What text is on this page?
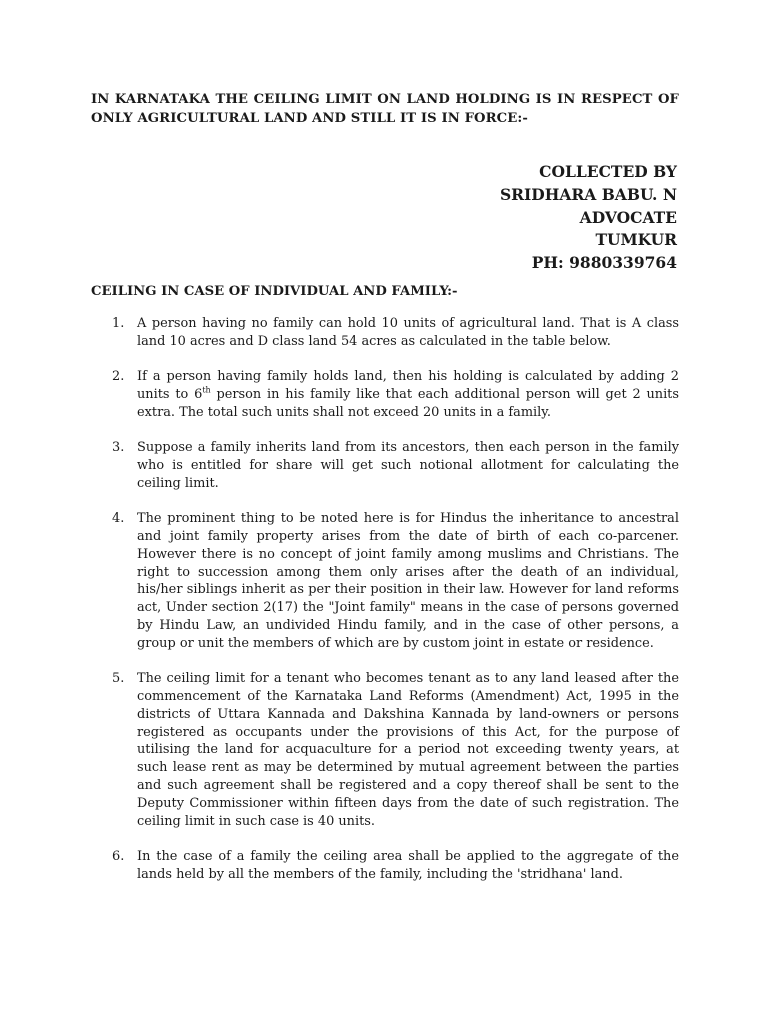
IN KARNATAKA THE CEILING LIMIT ON LAND HOLDING IS IN RESPECT OF ONLY AGRICULTURAL LAND AND STILL IT IS IN FORCE:-
COLLECTED BY
SRIDHARA BABU. N
ADVOCATE
TUMKUR
PH: 9880339764
CEILING IN CASE OF INDIVIDUAL AND FAMILY:-
1. A person having no family can hold 10 units of agricultural land. That is A class land 10 acres and D class land 54 acres as calculated in the table below.
2. If a person having family holds land, then his holding is calculated by adding 2 units to 6th person in his family like that each additional person will get 2 units extra. The total such units shall not exceed 20 units in a family.
3. Suppose a family inherits land from its ancestors, then each person in the family who is entitled for share will get such notional allotment for calculating the ceiling limit.
4. The prominent thing to be noted here is for Hindus the inheritance to ancestral and joint family property arises from the date of birth of each co-parcener. However there is no concept of joint family among muslims and Christians. The right to succession among them only arises after the death of an individual, his/her siblings inherit as per their position in their law. However for land reforms act, Under section 2(17) the "Joint family" means in the case of persons governed by Hindu Law, an undivided Hindu family, and in the case of other persons, a group or unit the members of which are by custom joint in estate or residence.
5. The ceiling limit for a tenant who becomes tenant as to any land leased after the commencement of the Karnataka Land Reforms (Amendment) Act, 1995 in the districts of Uttara Kannada and Dakshina Kannada by land-owners or persons registered as occupants under the provisions of this Act, for the purpose of utilising the land for acquaculture for a period not exceeding twenty years, at such lease rent as may be determined by mutual agreement between the parties and such agreement shall be registered and a copy thereof shall be sent to the Deputy Commissioner within fifteen days from the date of such registration. The ceiling limit in such case is 40 units.
6. In the case of a family the ceiling area shall be applied to the aggregate of the lands held by all the members of the family, including the 'stridhana' land.
